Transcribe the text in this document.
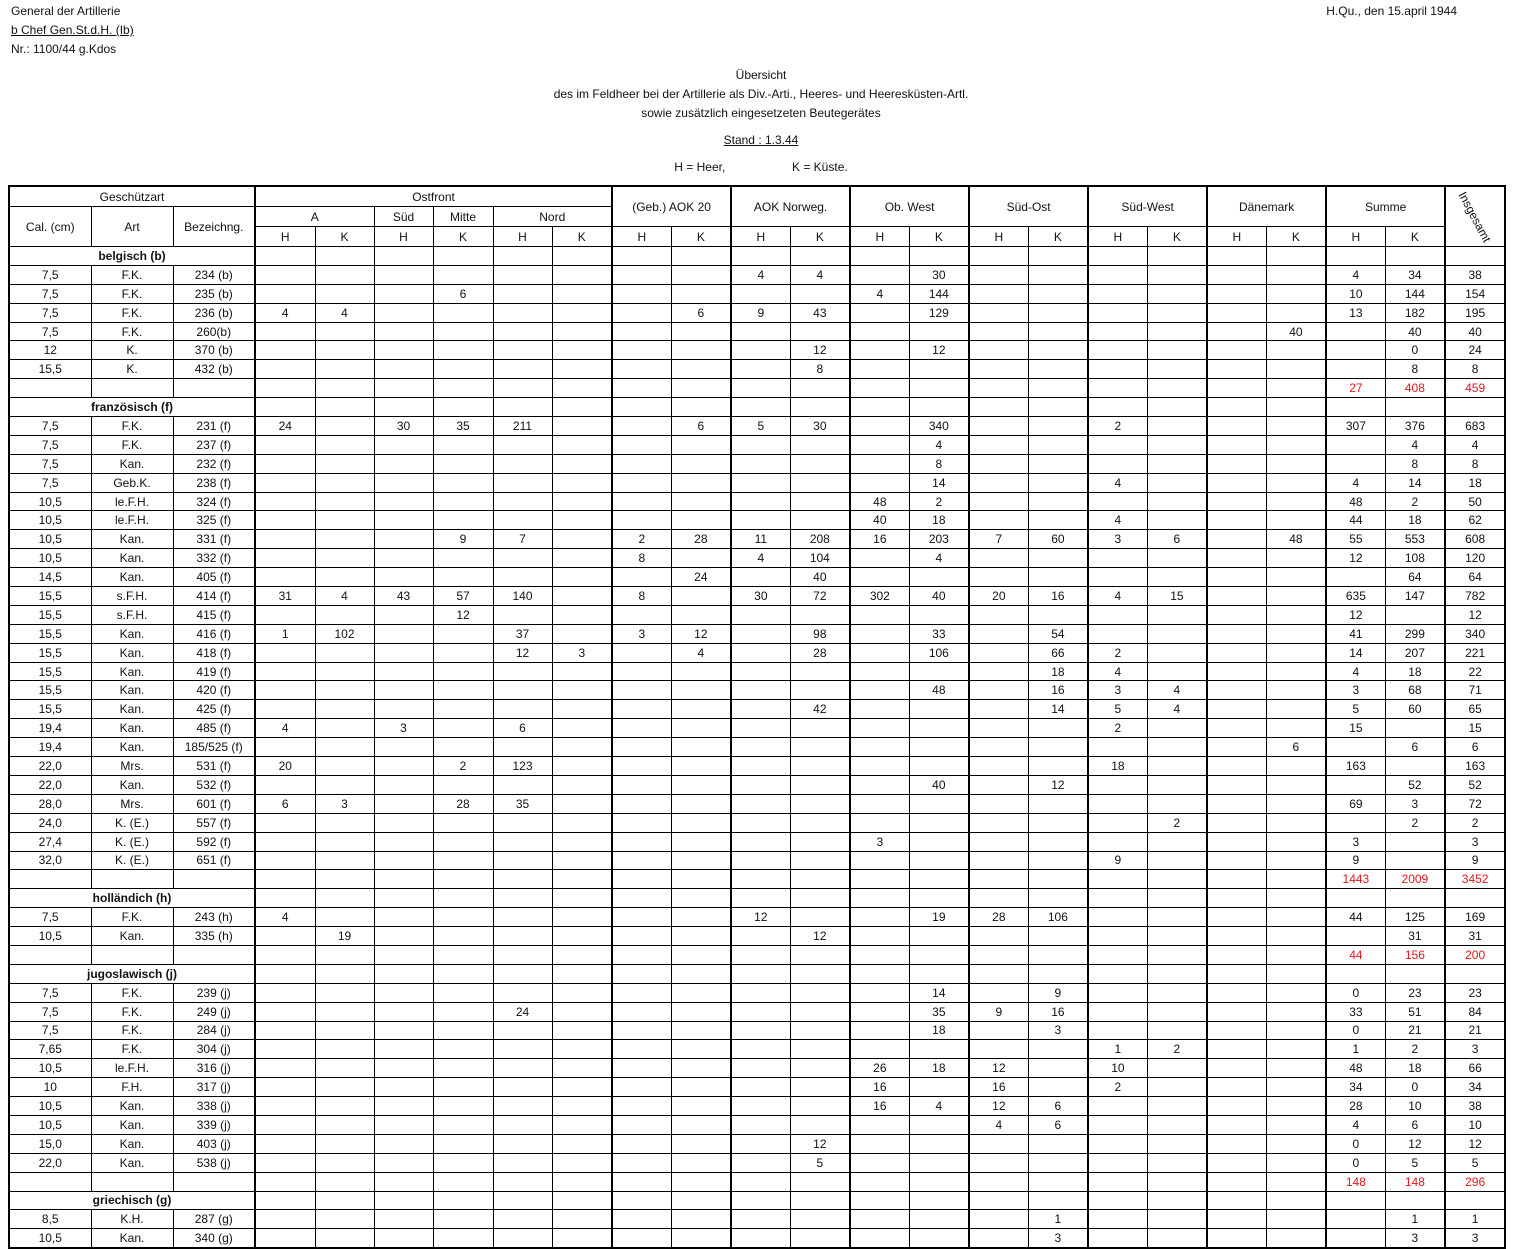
General der Artillerie
b Chef Gen.St.d.H. (Ib)
Nr.: 1100/44 g.Kdos
H.Qu., den 15.april 1944
Übersicht
des im Feldheer bei der Artillerie als Div.-Arti., Heeres- und Heeresküsten-Artl.
sowie zusätzlich eingesetzeten Beutegerätes
Stand : 1.3.44
H = Heer,	K = Küste.
Geschützart			Ostfront						(Geb.) AOK 20		AOK Norweg.		Ob. West		Süd-Ost		Süd-West		Dänemark		Summe		Insgesamt
Cal. (cm)	Art	Bezeichng.	A		Süd	Mitte	Nord																
			H	K	H	K	H	K	H	K	H	K	H	K	H	K	H	K	H	K	H	K	
belgisch (b)																							
7,5	F.K.	234 (b)									4	4		30							4	34	38
7,5	F.K.	235 (b)				6							4	144							10	144	154
7,5	F.K.	236 (b)	4	4						6	9	43		129							13	182	195
7,5	F.K.	260(b)																		40		40	40
12	K.	370 (b)										12		12								0	24
15,5	K.	432 (b)										8										8	8
																					27	408	459
französisch (f)																							
7,5	F.K.	231 (f)	24		30	35	211			6	5	30		340			2				307	376	683
7,5	F.K.	237 (f)												4								4	4
7,5	Kan.	232 (f)												8								8	8
7,5	Geb.K.	238 (f)												14			4				4	14	18
10,5	le.F.H.	324 (f)											48	2							48	2	50
10,5	le.F.H.	325 (f)											40	18			4				44	18	62
10,5	Kan.	331 (f)				9	7		2	28	11	208	16	203	7	60	3	6		48	55	553	608
10,5	Kan.	332 (f)							8		4	104		4							12	108	120
14,5	Kan.	405 (f)								24		40										64	64
15,5	s.F.H.	414 (f)	31	4	43	57	140		8		30	72	302	40	20	16	4	15			635	147	782
15,5	s.F.H.	415 (f)				12															12		12
15,5	Kan.	416 (f)	1	102			37		3	12		98		33		54					41	299	340
15,5	Kan.	418 (f)					12	3		4		28		106		66	2				14	207	221
15,5	Kan.	419 (f)														18	4				4	18	22
15,5	Kan.	420 (f)												48		16	3	4			3	68	71
15,5	Kan.	425 (f)										42				14	5	4			5	60	65
19,4	Kan.	485 (f)	4		3		6										2				15		15
19,4	Kan.	185/525 (f)																		6		6	6
22,0	Mrs.	531 (f)	20			2	123										18				163		163
22,0	Kan.	532 (f)												40		12						52	52
28,0	Mrs.	601 (f)	6	3		28	35														69	3	72
24,0	K. (E.)	557 (f)																2				2	2
27,4	K. (E.)	592 (f)											3								3		3
32,0	K. (E.)	651 (f)															9				9		9
																					1443	2009	3452
holländich (h)																							
7,5	F.K.	243 (h)	4								12			19	28	106					44	125	169
10,5	Kan.	335 (h)		19								12										31	31
																					44	156	200
jugoslawisch (j)																							
7,5	F.K.	239 (j)												14		9					0	23	23
7,5	F.K.	249 (j)					24							35	9	16					33	51	84
7,5	F.K.	284 (j)												18		3					0	21	21
7,65	F.K.	304 (j)															1	2			1	2	3
10,5	le.F.H.	316 (j)											26	18	12		10				48	18	66
10	F.H.	317 (j)											16		16		2				34	0	34
10,5	Kan.	338 (j)											16	4	12	6					28	10	38
10,5	Kan.	339 (j)													4	6					4	6	10
15,0	Kan.	403 (j)										12									0	12	12
22,0	Kan.	538 (j)										5									0	5	5
																					148	148	296
griechisch (g)																							
8,5	K.H.	287 (g)														1						1	1
10,5	Kan.	340 (g)														3						3	3
